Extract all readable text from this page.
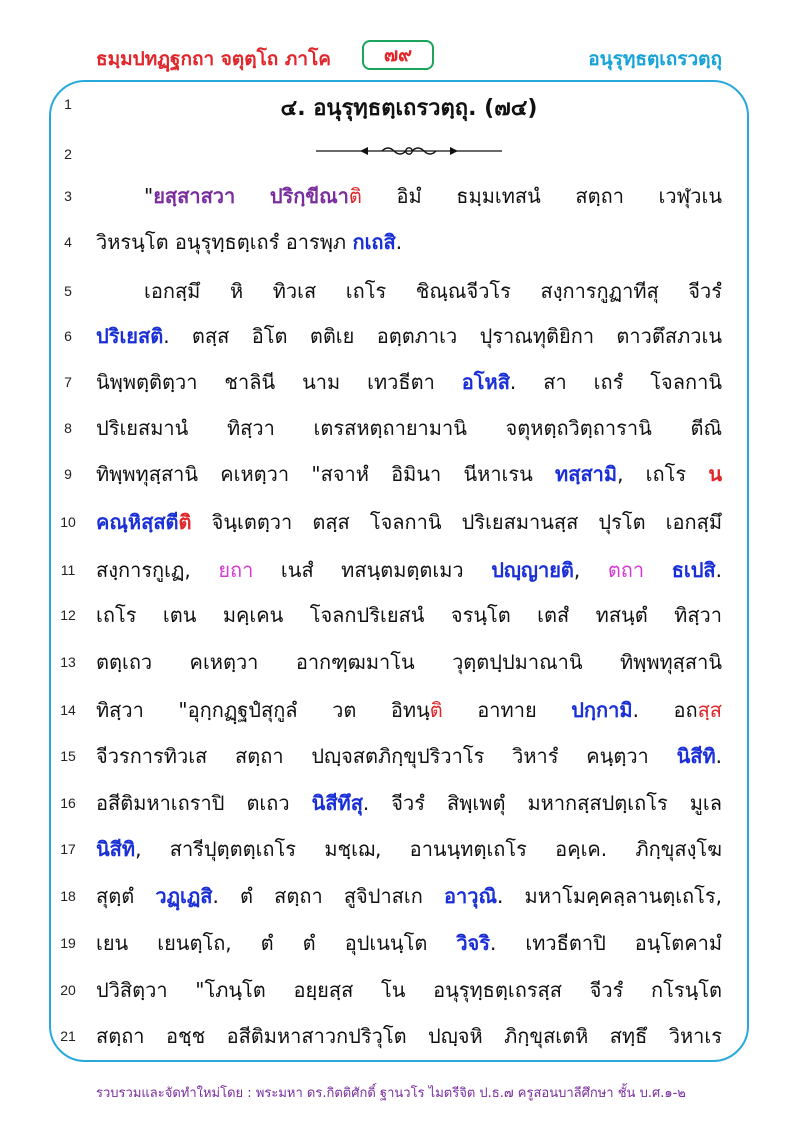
ธมฺมปทฏฺฐกถา จตุตฺโถ ภาโค	๗๙	อนุรุทฺธตฺเถรวตฺถุ
1
2
3
4
5
6
7
8
9
10
11
12
13
14
15
16
17
18
19
20
21
๔. อนุรุทฺธตฺเถรวตฺถุ. (๗๔)
"ยสฺสาสวา ปริกฺขีณาติ อิมํ ธมฺมเทสนํ สตฺถา เวฬุวเน
วิหรนฺโต อนุรุทฺธตฺเถรํ อารพฺภ กเถสิ.
เอกสฺมึ หิ ทิวเส เถโร ชิณฺณจีวโร สงฺการกูฏาทีสุ จีวรํ
ปริเยสติ. ตสฺส อิโต ตติเย อตฺตภาเว ปุราณทุติยิกา ตาวตึสภวเน
นิพฺพตฺติตฺวา ชาลินี นาม เทวธีตา อโหสิ. สา เถรํ โจลกานิ
ปริเยสมานํ ทิสฺวา เตรสหตฺถายามานิ จตุหตฺถวิตฺถารานิ ตีณิ
ทิพฺพทุสฺสานิ คเหตฺวา "สจาหํ อิมินา นีหาเรน ทสฺสามิ, เถโร น
คณฺหิสฺสตีติ จินฺเตตฺวา ตสฺส โจลกานิ ปริเยสมานสฺส ปุรโต เอกสฺมึ
สงฺการกูเฏ, ยถา เนสํ ทสนฺตมตฺตเมว ปญฺญายติ, ตถา ธเปสิ.
เถโร เตน มคฺเคน โจลกปริเยสนํ จรนฺโต เตสํ ทสนฺตํ ทิสฺวา
ตตฺเถว คเหตฺวา อากฑฺฒมาโน วุตฺตปฺปมาณานิ ทิพฺพทุสฺสานิ
ทิสฺวา "อุกฺกฏฺฐปํสุกูลํ วต อิทนฺติ อาทาย ปกฺกามิ. อถสฺส
จีวรการทิวเส สตฺถา ปญฺจสตภิกฺขุปริวาโร วิหารํ คนฺตฺวา นิสีทิ.
อสีติมหาเถราปิ ตเถว นิสีทึสุ. จีวรํ สิพฺเพตุํ มหากสฺสปตฺเถโร มูเล
นิสีทิ, สารีปุตฺตตฺเถโร มชฺเฌ, อานนฺทตฺเถโร อคฺเค. ภิกฺขุสงฺโฆ
สุตฺตํ วฏฺเฏสิ. ตํ สตฺถา สูจิปาสเก อาวุณิ. มหาโมคฺคลฺลานตฺเถโร,
เยน เยนตฺโถ, ตํ ตํ อุปเนนฺโต วิจริ. เทวธีตาปิ อนฺโตคามํ
ปวิสิตฺวา "โภนฺโต อยฺยสฺส โน อนุรุทฺธตฺเถรสฺส จีวรํ กโรนฺโต
สตฺถา อชฺช อสีติมหาสาวกปริวุโต ปญฺจหิ ภิกฺขุสเตหิ สทฺธึ วิหาเร
รวบรวมและจัดทำใหม่โดย : พระมหา ดร.กิตติศักดิ์ ฐานวโร ไมตรีจิต ป.ธ.๗ ครูสอนบาลีศึกษา ชั้น บ.ศ.๑-๒
